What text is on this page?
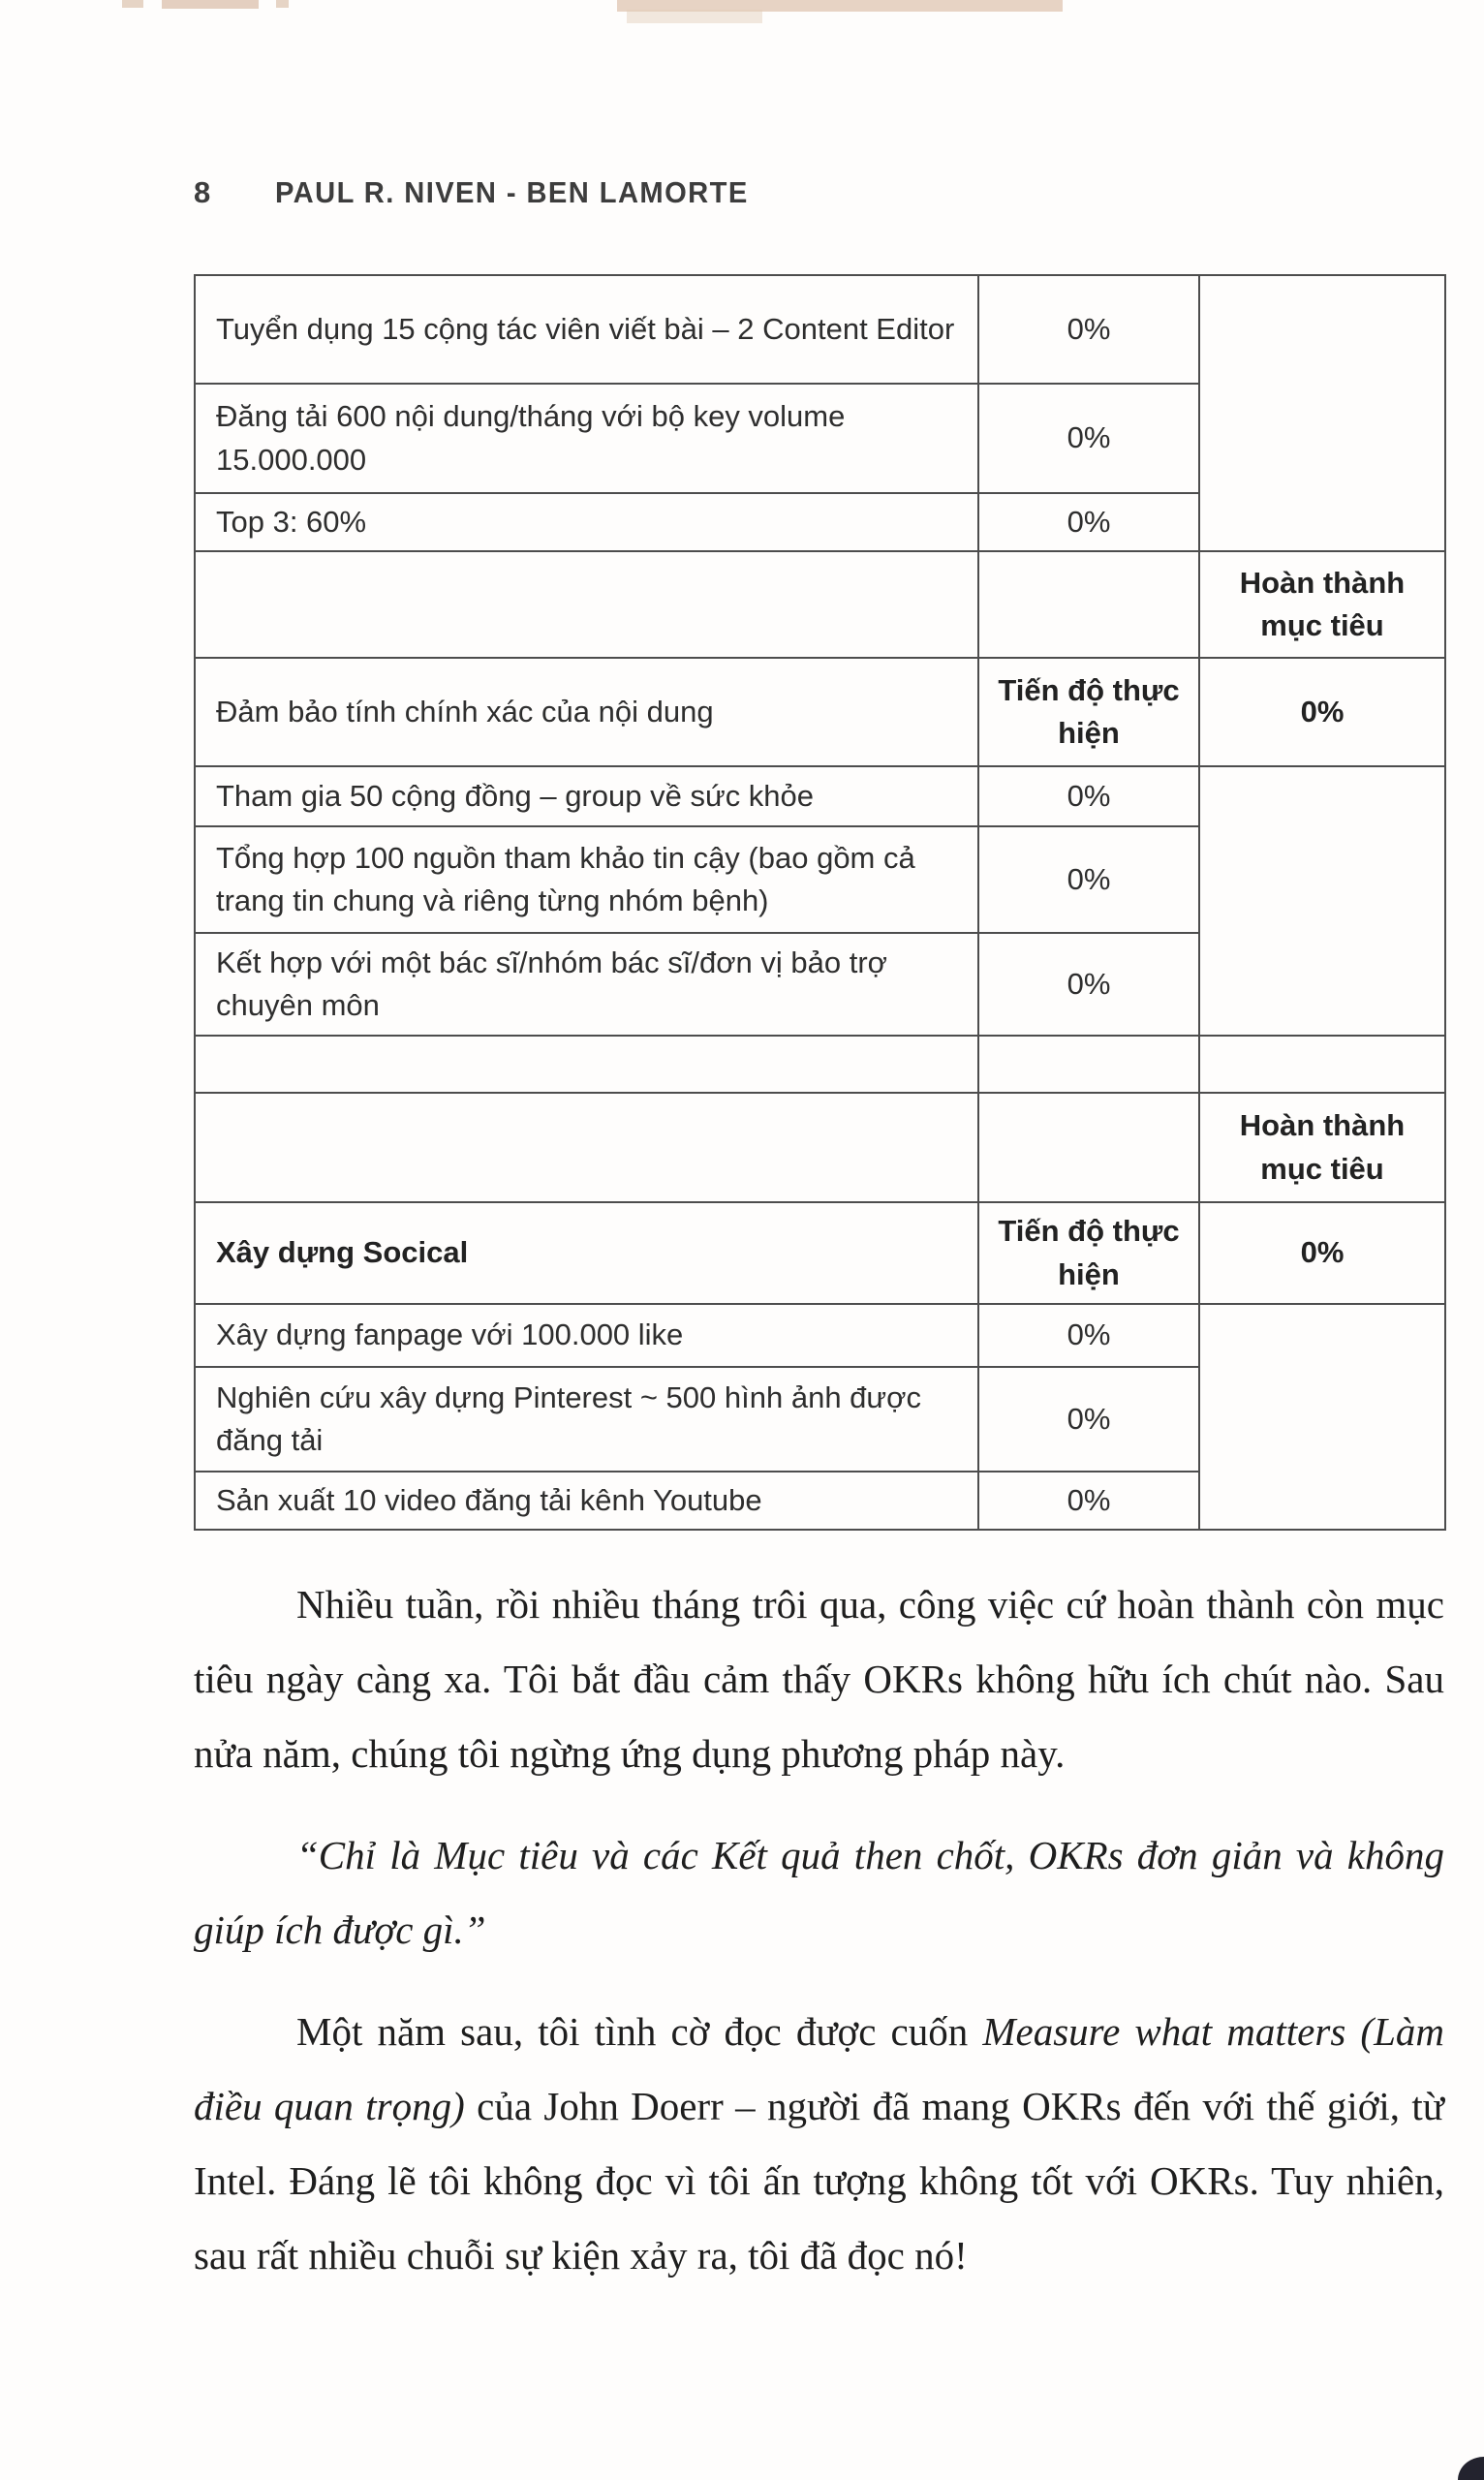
8 PAUL R. NIVEN - BEN LAMORTE
Tuyển dụng 15 cộng tác viên viết bài – 2 Content Editor	0%	
Đăng tải 600 nội dung/tháng với bộ key volume 15.000.000	0%	
Top 3: 60%	0%	
		Hoàn thành mục tiêu
Đảm bảo tính chính xác của nội dung	Tiến độ thực hiện	0%
Tham gia 50 cộng đồng – group về sức khỏe	0%	
Tổng hợp 100 nguồn tham khảo tin cậy (bao gồm cả trang tin chung và riêng từng nhóm bệnh)	0%	
Kết hợp với một bác sĩ/nhóm bác sĩ/đơn vị bảo trợ chuyên môn	0%	

		Hoàn thành mục tiêu
Xây dựng Socical	Tiến độ thực hiện	0%
Xây dựng fanpage với 100.000 like	0%	
Nghiên cứu xây dựng Pinterest ~ 500 hình ảnh được đăng tải	0%	
Sản xuất 10 video đăng tải kênh Youtube	0%	

Nhiều tuần, rồi nhiều tháng trôi qua, công việc cứ hoàn thành còn mục tiêu ngày càng xa. Tôi bắt đầu cảm thấy OKRs không hữu ích chút nào. Sau nửa năm, chúng tôi ngừng ứng dụng phương pháp này.

“Chỉ là Mục tiêu và các Kết quả then chốt, OKRs đơn giản và không giúp ích được gì.”

Một năm sau, tôi tình cờ đọc được cuốn Measure what matters (Làm điều quan trọng) của John Doerr – người đã mang OKRs đến với thế giới, từ Intel. Đáng lẽ tôi không đọc vì tôi ấn tượng không tốt với OKRs. Tuy nhiên, sau rất nhiều chuỗi sự kiện xảy ra, tôi đã đọc nó!
